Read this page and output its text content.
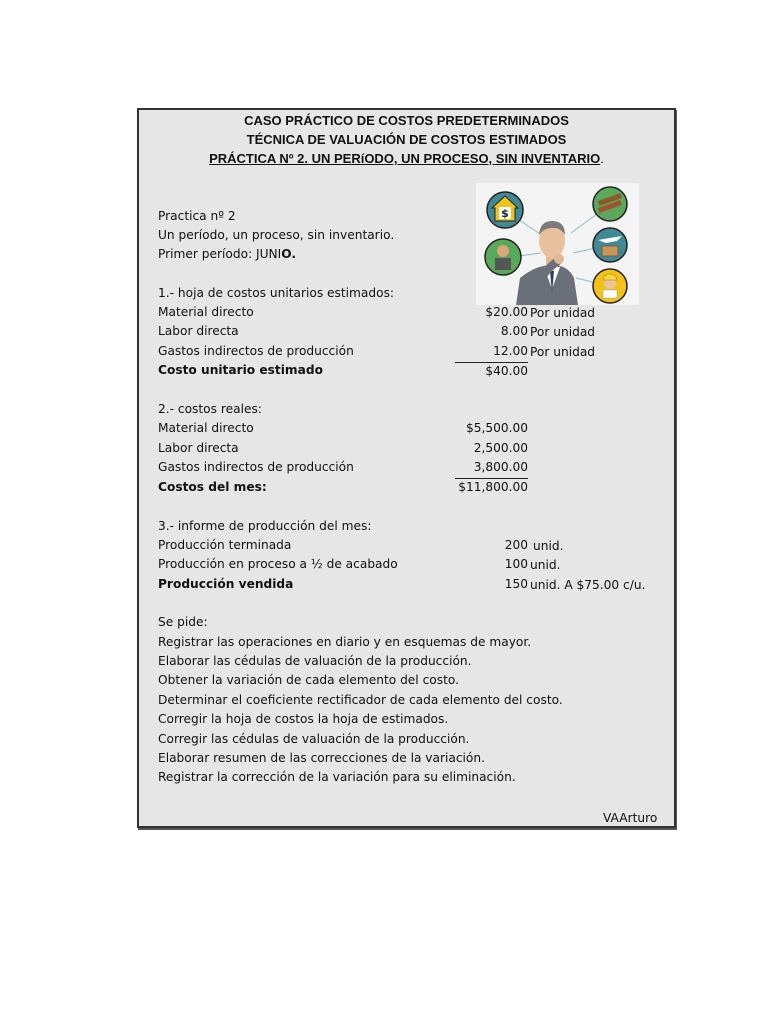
CASO PRÁCTICO DE COSTOS PREDETERMINADOS
TÉCNICA DE VALUACIÓN DE COSTOS ESTIMADOS
PRÁCTICA Nº 2. UN PERíODO, UN PROCESO, SIN INVENTARIO.
$
Practica nº 2
Un período, un proceso, sin inventario.
Primer período: JUNIO.
1.- hoja de costos unitarios estimados:
Material directo	$20.00 Por unidad
Labor directa	8.00 Por unidad
Gastos indirectos de producción	12.00 Por unidad
Costo unitario estimado	$40.00
2.- costos reales:
Material directo	$5,500.00
Labor directa	2,500.00
Gastos indirectos de producción	3,800.00
Costos del mes:	$11,800.00
3.- informe de producción del mes:
Producción terminada	200 unid.
Producción en proceso a ½ de acabado	100 unid.
Producción vendida	150 unid. A $75.00 c/u.
Se pide:
Registrar las operaciones en diario y en esquemas de mayor.
Elaborar las cédulas de valuación de la producción.
Obtener la variación de cada elemento del costo.
Determinar el coeficiente rectificador de cada elemento del costo.
Corregir la hoja de costos la hoja de estimados.
Corregir las cédulas de valuación de la producción.
Elaborar resumen de las correcciones de la variación.
Registrar la corrección de la variación para su eliminación.
VAArturo
